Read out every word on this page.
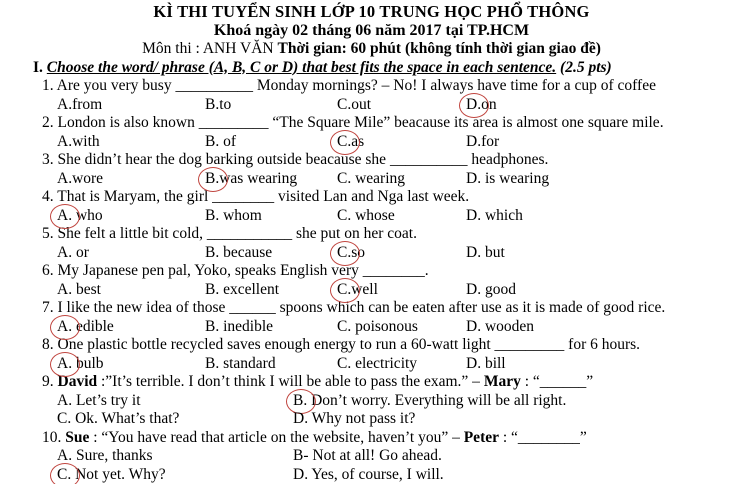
KÌ THI TUYỂN SINH LỚP 10 TRUNG HỌC PHỔ THÔNG
Khoá ngày 02 tháng 06 năm 2017 tại TP.HCM
Môn thi : ANH VĂN Thời gian: 60 phút (không tính thời gian giao đề)
I. Choose the word/ phrase (A, B, C or D) that best fits the space in each sentence. (2.5 pts)
1. Are you very busy __________ Monday mornings? – No! I always have time for a cup of coffee
A.from	B.to	C.out	D.on
2. London is also known _________ “The Square Mile” beacause its area is almost one square mile.
A.with	B. of	C.as	D.for
3. She didn’t hear the dog barking outside beacause she __________ headphones.
A.wore	B.was wearing	C. wearing	D. is wearing
4. That is Maryam, the girl ________ visited Lan and Nga last week.
A. who	B. whom	C. whose	D. which
5. She felt a little bit cold, ___________ she put on her coat.
A. or	B. because	C.so	D. but
6. My Japanese pen pal, Yoko, speaks English very ________.
A. best	B. excellent	C.well	D. good
7. I like the new idea of those ______ spoons which can be eaten after use as it is made of good rice.
A. edible	B. inedible	C. poisonous	D. wooden
8. One plastic bottle recycled saves enough energy to run a 60-watt light _________ for 6 hours.
A. bulb	B. standard	C. electricity	D. bill
9. David :”It’s terrible. I don’t think I will be able to pass the exam.” – Mary : “______”
A. Let’s try it	B. Don’t worry. Everything will be all right.
C. Ok. What’s that?	D. Why not pass it?
10. Sue : “You have read that article on the website, haven’t you” – Peter : “________”
A. Sure, thanks	B- Not at all! Go ahead.
C. Not yet. Why?	D. Yes, of course, I will.
